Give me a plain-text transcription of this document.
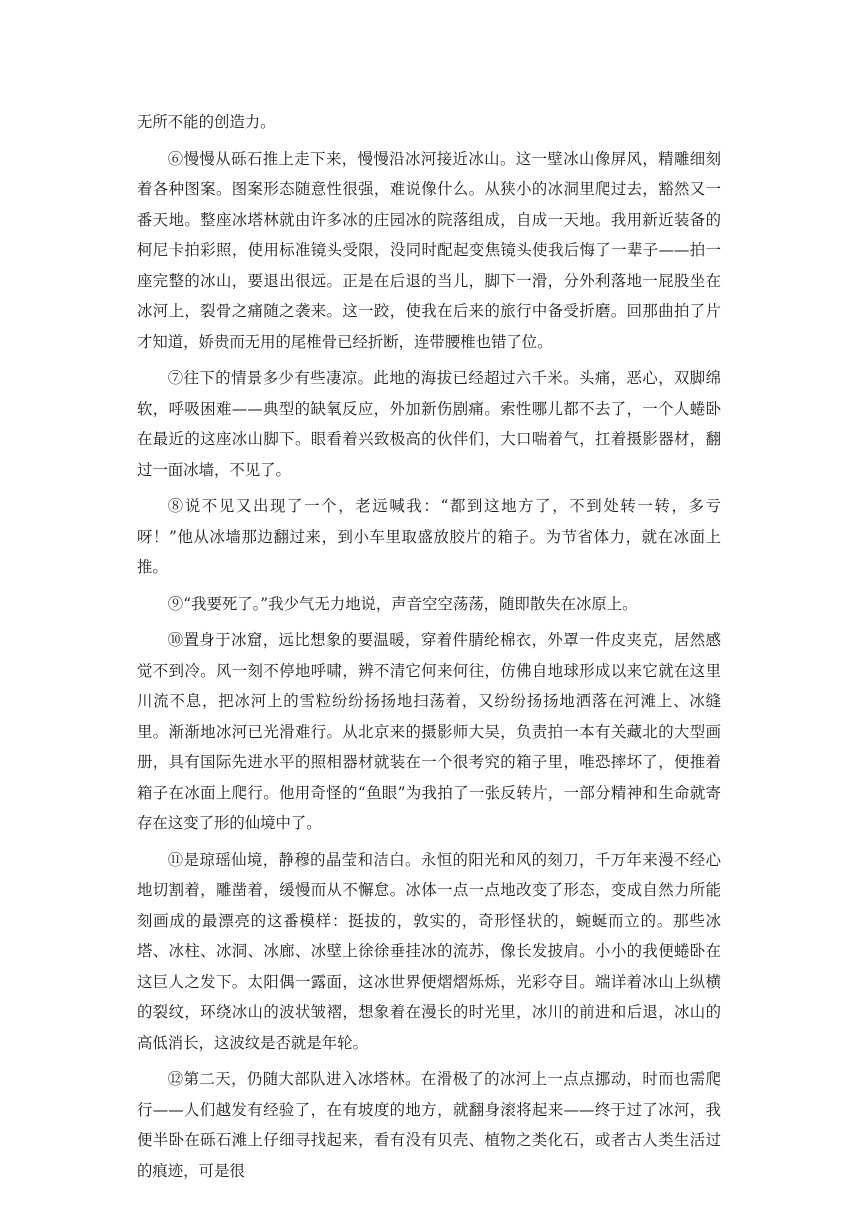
无所不能的创造力。

⑥慢慢从砾石推上走下来，慢慢沿冰河接近冰山。这一壁冰山像屏风，精雕细刻着各种图案。图案形态随意性很强，难说像什么。从狭小的冰洞里爬过去，豁然又一番天地。整座冰塔林就由许多冰的庄园冰的院落组成，自成一天地。我用新近装备的柯尼卡拍彩照，使用标准镜头受限，没同时配起变焦镜头使我后悔了一辈子——拍一座完整的冰山，要退出很远。正是在后退的当儿，脚下一滑，分外利落地一屁股坐在冰河上，裂骨之痛随之袭来。这一跤，使我在后来的旅行中备受折磨。回那曲拍了片才知道，娇贵而无用的尾椎骨已经折断，连带腰椎也错了位。

⑦往下的情景多少有些凄凉。此地的海拔已经超过六千米。头痛，恶心，双脚绵软，呼吸困难——典型的缺氧反应，外加新伤剧痛。索性哪儿都不去了，一个人蜷卧在最近的这座冰山脚下。眼看着兴致极高的伙伴们，大口喘着气，扛着摄影器材，翻过一面冰墙，不见了。

⑧说不见又出现了一个，老远喊我：“都到这地方了，不到处转一转，多亏呀！”他从冰墙那边翻过来，到小车里取盛放胶片的箱子。为节省体力，就在冰面上推。

⑨“我要死了。”我少气无力地说，声音空空荡荡，随即散失在冰原上。

⑩置身于冰窟，远比想象的要温暖，穿着件腈纶棉衣，外罩一件皮夹克，居然感觉不到冷。风一刻不停地呼啸，辨不清它何来何往，仿佛自地球形成以来它就在这里川流不息，把冰河上的雪粒纷纷扬扬地扫荡着，又纷纷扬扬地洒落在河滩上、冰缝里。渐渐地冰河已光滑难行。从北京来的摄影师大吴，负责拍一本有关藏北的大型画册，具有国际先进水平的照相器材就装在一个很考究的箱子里，唯恐摔坏了，便推着箱子在冰面上爬行。他用奇怪的“鱼眼”为我拍了一张反转片，一部分精神和生命就寄存在这变了形的仙境中了。

⑪是琼瑶仙境，静穆的晶莹和洁白。永恒的阳光和风的刻刀，千万年来漫不经心地切割着，雕凿着，缓慢而从不懈怠。冰体一点一点地改变了形态，变成自然力所能刻画成的最漂亮的这番模样：挺拔的，敦实的，奇形怪状的，蜿蜒而立的。那些冰塔、冰柱、冰洞、冰廊、冰壁上徐徐垂挂冰的流苏，像长发披肩。小小的我便蜷卧在这巨人之发下。太阳偶一露面，这冰世界便熠熠烁烁，光彩夺目。端详着冰山上纵横的裂纹，环绕冰山的波状皱褶，想象着在漫长的时光里，冰川的前进和后退，冰山的高低消长，这波纹是否就是年轮。

⑫第二天，仍随大部队进入冰塔林。在滑极了的冰河上一点点挪动，时而也需爬行——人们越发有经验了，在有坡度的地方，就翻身滚将起来——终于过了冰河，我便半卧在砾石滩上仔细寻找起来，看有没有贝壳、植物之类化石，或者古人类生活过的痕迹，可是很
